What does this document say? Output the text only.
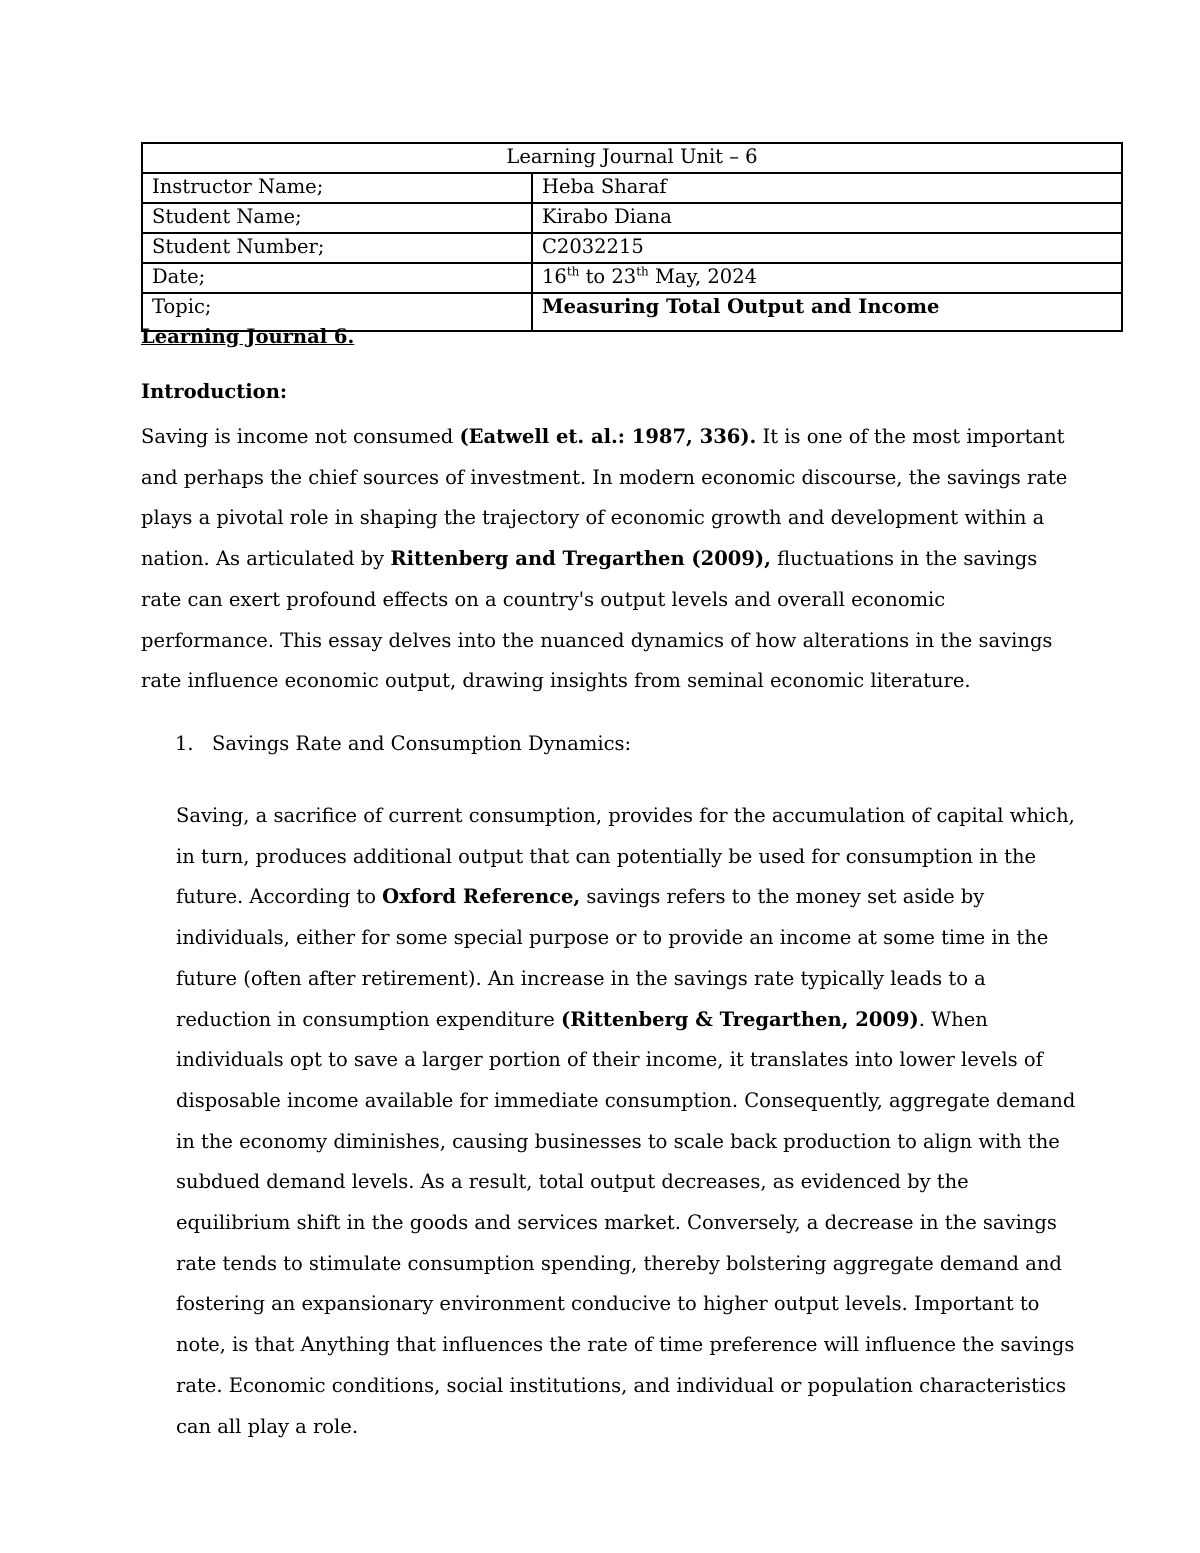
Learning Journal Unit – 6	
Instructor Name;	Heba Sharaf
Student Name;	Kirabo Diana
Student Number;	C2032215
Date;	16th to 23th May, 2024
Topic;	Measuring Total Output and Income
Learning Journal 6.
Introduction:

Saving is income not consumed (Eatwell et. al.: 1987, 336). It is one of the most important and perhaps the chief sources of investment. In modern economic discourse, the savings rate plays a pivotal role in shaping the trajectory of economic growth and development within a nation. As articulated by Rittenberg and Tregarthen (2009), fluctuations in the savings rate can exert profound effects on a country's output levels and overall economic performance. This essay delves into the nuanced dynamics of how alterations in the savings rate influence economic output, drawing insights from seminal economic literature.

1. Savings Rate and Consumption Dynamics:

Saving, a sacrifice of current consumption, provides for the accumulation of capital which, in turn, produces additional output that can potentially be used for consumption in the future. According to Oxford Reference, savings refers to the money set aside by individuals, either for some special purpose or to provide an income at some time in the future (often after retirement). An increase in the savings rate typically leads to a reduction in consumption expenditure (Rittenberg & Tregarthen, 2009). When individuals opt to save a larger portion of their income, it translates into lower levels of disposable income available for immediate consumption. Consequently, aggregate demand in the economy diminishes, causing businesses to scale back production to align with the subdued demand levels. As a result, total output decreases, as evidenced by the equilibrium shift in the goods and services market. Conversely, a decrease in the savings rate tends to stimulate consumption spending, thereby bolstering aggregate demand and fostering an expansionary environment conducive to higher output levels. Important to note, is that Anything that influences the rate of time preference will influence the savings rate. Economic conditions, social institutions, and individual or population characteristics can all play a role.
